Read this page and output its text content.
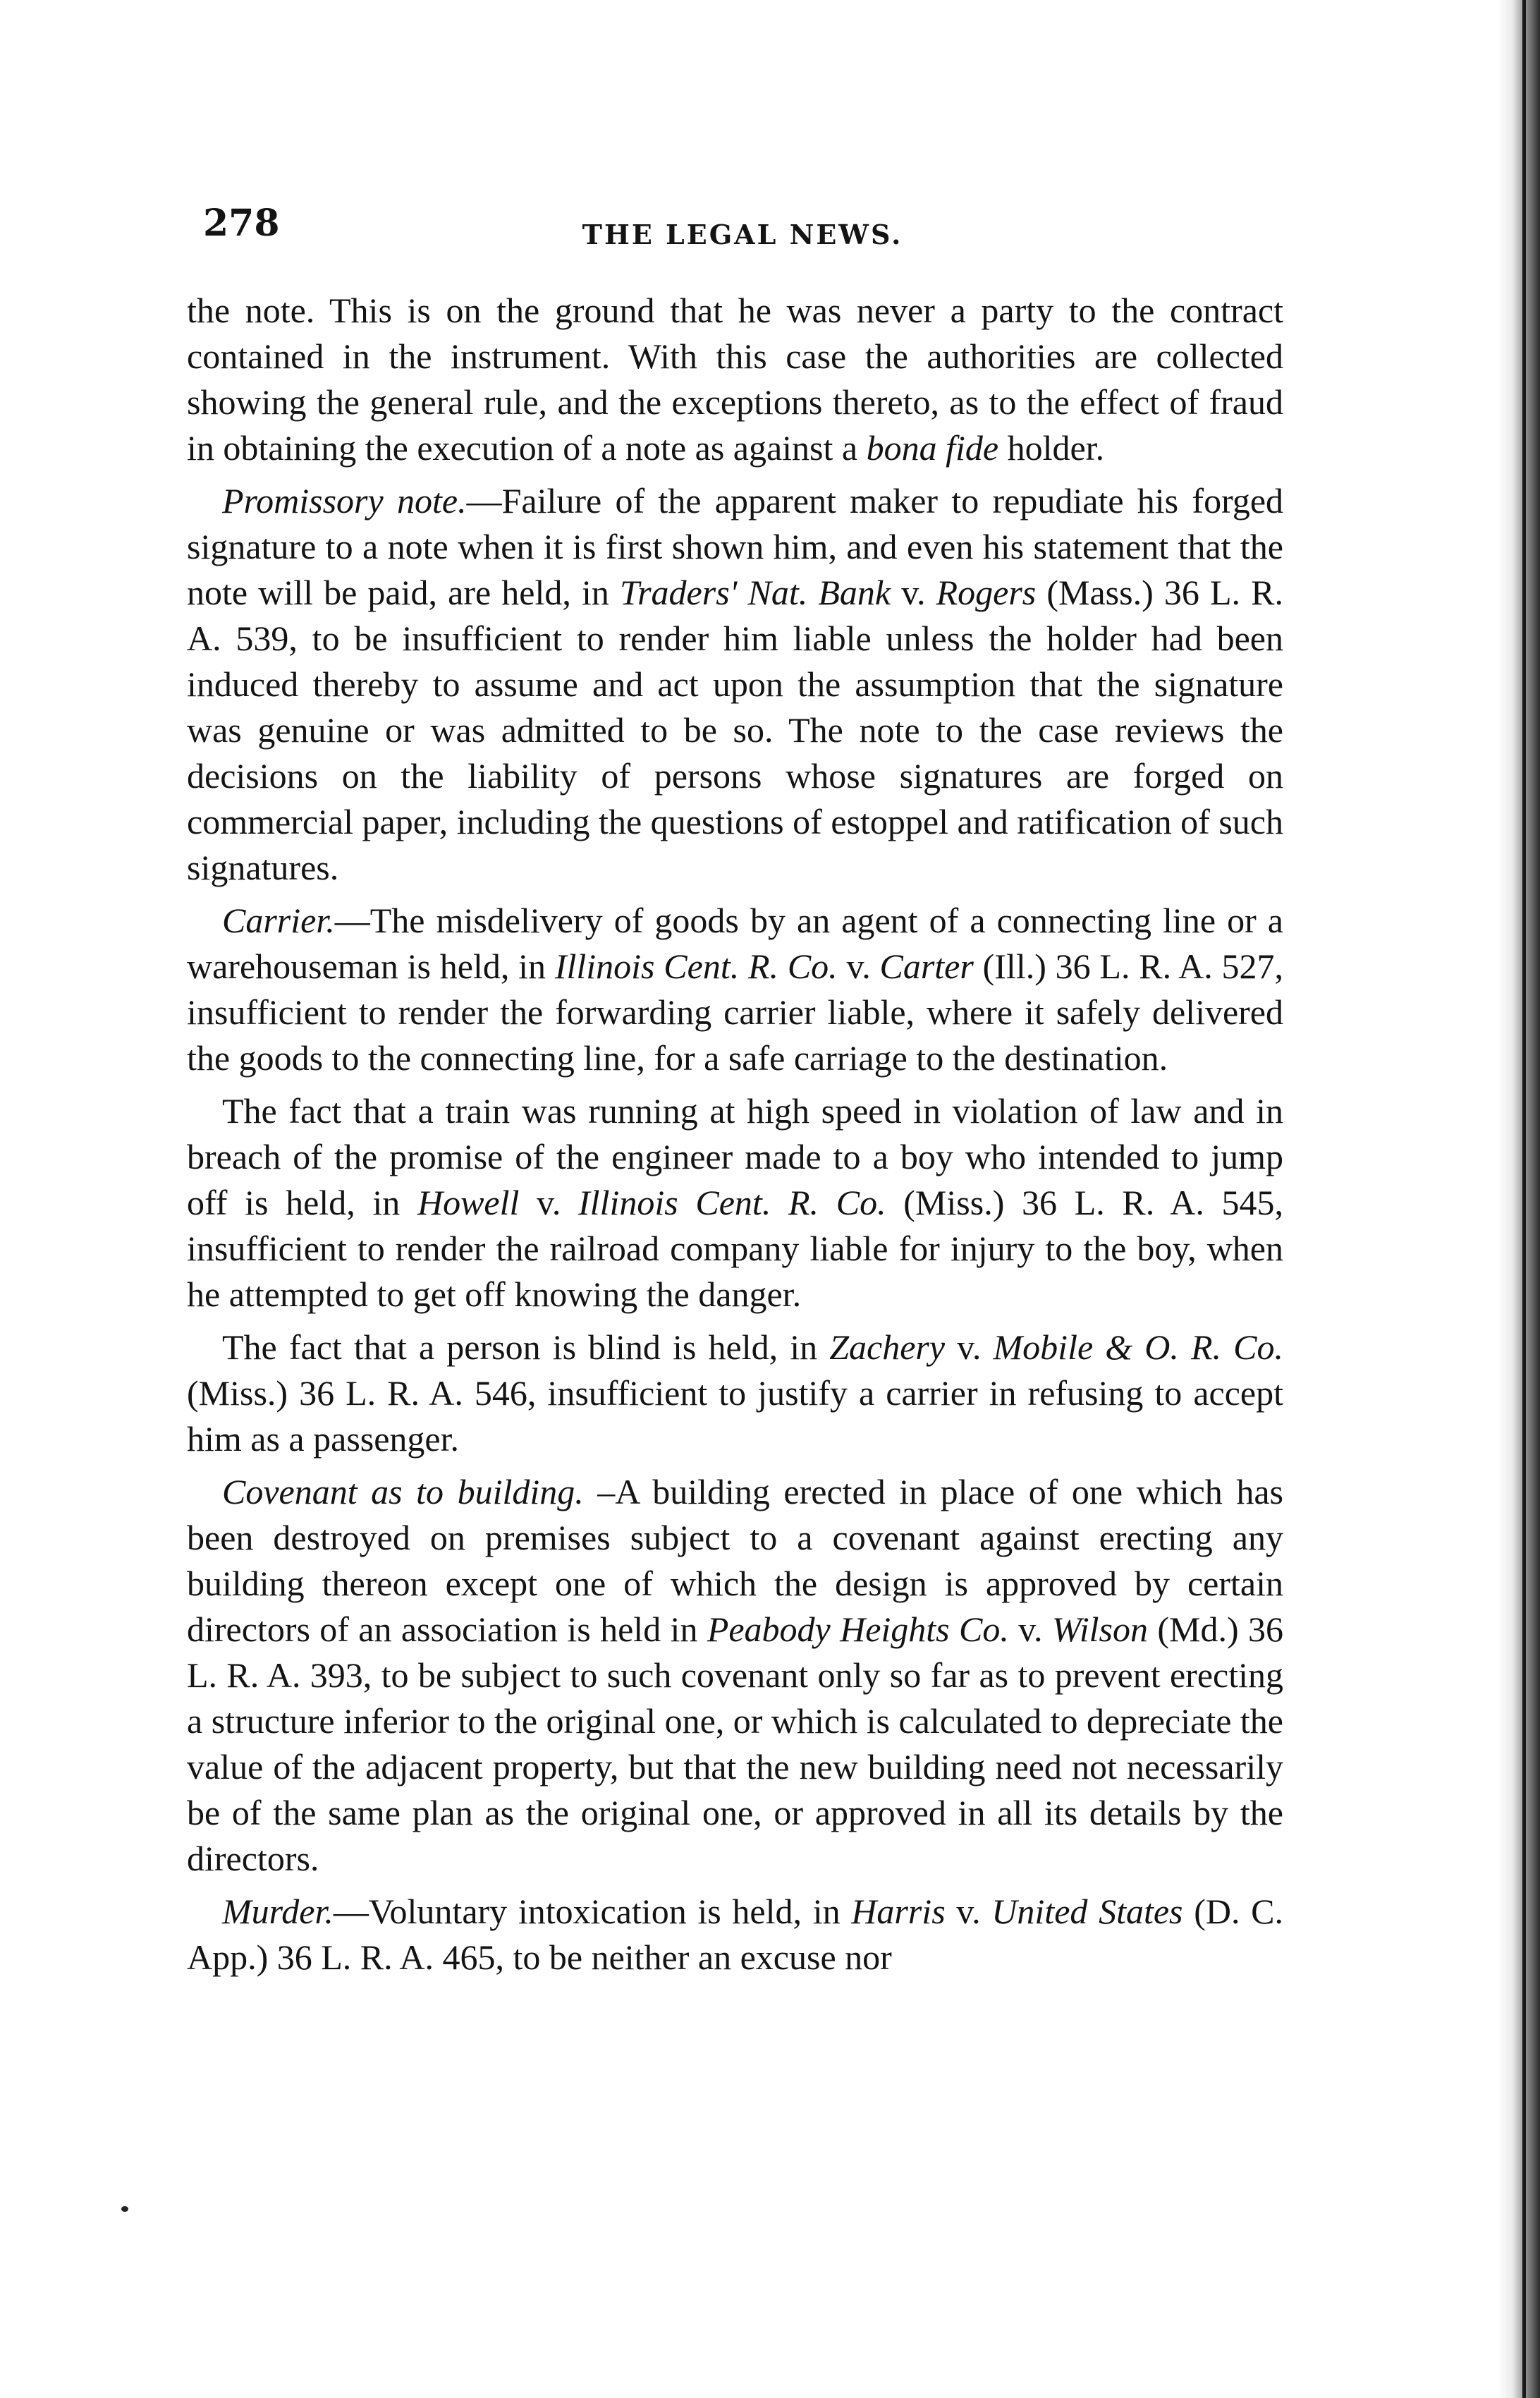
278	THE LEGAL NEWS.

the note. This is on the ground that he was never a party to the contract contained in the instrument. With this case the authorities are collected showing the general rule, and the exceptions thereto, as to the effect of fraud in obtaining the execution of a note as against a bona fide holder.

Promissory note.—Failure of the apparent maker to repudiate his forged signature to a note when it is first shown him, and even his statement that the note will be paid, are held, in Traders' Nat. Bank v. Rogers (Mass.) 36 L. R. A. 539, to be insufficient to render him liable unless the holder had been induced thereby to assume and act upon the assumption that the signature was genuine or was admitted to be so. The note to the case reviews the decisions on the liability of persons whose signatures are forged on commercial paper, including the questions of estoppel and ratification of such signatures.

Carrier.—The misdelivery of goods by an agent of a connecting line or a warehouseman is held, in Illinois Cent. R. Co. v. Carter (Ill.) 36 L. R. A. 527, insufficient to render the forwarding carrier liable, where it safely delivered the goods to the connecting line, for a safe carriage to the destination.

The fact that a train was running at high speed in violation of law and in breach of the promise of the engineer made to a boy who intended to jump off is held, in Howell v. Illinois Cent. R. Co. (Miss.) 36 L. R. A. 545, insufficient to render the railroad company liable for injury to the boy, when he attempted to get off knowing the danger.

The fact that a person is blind is held, in Zachery v. Mobile & O. R. Co. (Miss.) 36 L. R. A. 546, insufficient to justify a carrier in refusing to accept him as a passenger.

Covenant as to building. –A building erected in place of one which has been destroyed on premises subject to a covenant against erecting any building thereon except one of which the design is approved by certain directors of an association is held in Peabody Heights Co. v. Wilson (Md.) 36 L. R. A. 393, to be subject to such covenant only so far as to prevent erecting a structure inferior to the original one, or which is calculated to depreciate the value of the adjacent property, but that the new building need not necessarily be of the same plan as the original one, or approved in all its details by the directors.

Murder.—Voluntary intoxication is held, in Harris v. United States (D. C. App.) 36 L. R. A. 465, to be neither an excuse nor
